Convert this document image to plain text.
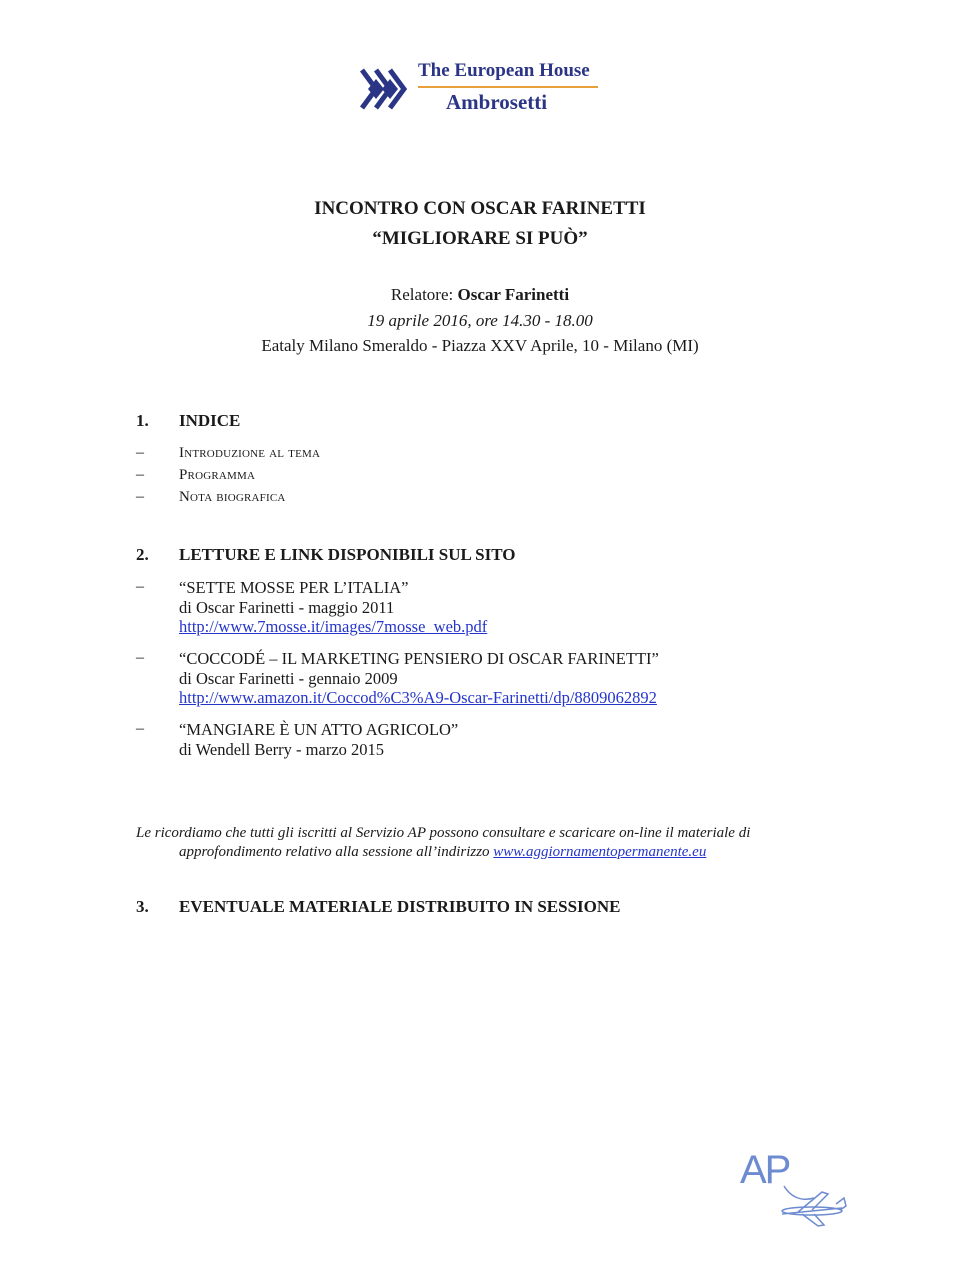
The European House
Ambrosetti
INCONTRO CON OSCAR FARINETTI
“MIGLIORARE SI PUÒ”
Relatore: Oscar Farinetti
19 aprile 2016, ore 14.30 - 18.00
Eataly Milano Smeraldo - Piazza XXV Aprile, 10 - Milano (MI)
1. INDICE
– Introduzione al tema
– Programma
– Nota biografica
2. LETTURE E LINK DISPONIBILI SUL SITO
– “SETTE MOSSE PER L’ITALIA”
di Oscar Farinetti - maggio 2011
http://www.7mosse.it/images/7mosse_web.pdf
– “COCCODÉ – IL MARKETING PENSIERO DI OSCAR FARINETTI”
di Oscar Farinetti - gennaio 2009
http://www.amazon.it/Coccod%C3%A9-Oscar-Farinetti/dp/8809062892
– “MANGIARE È UN ATTO AGRICOLO”
di Wendell Berry - marzo 2015
Le ricordiamo che tutti gli iscritti al Servizio AP possono consultare e scaricare on-line il materiale di
approfondimento relativo alla sessione all’indirizzo www.aggiornamentopermanente.eu
3. EVENTUALE MATERIALE DISTRIBUITO IN SESSIONE
AP
